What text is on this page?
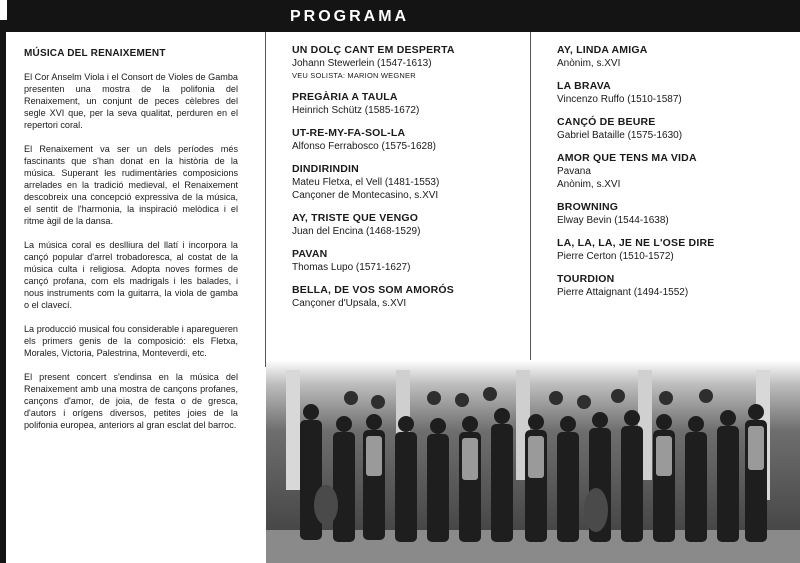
PROGRAMA
MÚSICA DEL RENAIXEMENT

El Cor Anselm Viola i el Consort de Violes de Gamba presenten una mostra de la polifonia del Renaixement, un conjunt de peces cèlebres del segle XVI que, per la seva qualitat, perduren en el repertori coral.

El Renaixement va ser un dels períodes més fascinants que s'han donat en la història de la música. Superant les rudimentàries composicions arrelades en la tradició medieval, el Renaixement descobreix una concepció expressiva de la música, el sentit de l'harmonia, la inspiració melòdica i el ritme àgil de la dansa.

La música coral es deslliura del llatí i incorpora la cançó popular d'arrel trobadoresca, al costat de la música culta i religiosa. Adopta noves formes de cançó profana, com els madrigals i les balades, i nous instruments com la guitarra, la viola de gamba o el clavecí.

La producció musical fou considerable i aparegueren els primers genis de la composició: els Fletxa, Morales, Victoria, Palestrina, Monteverdi, etc.

El present concert s'endinsa en la música del Renaixement amb una mostra de cançons profanes, cançons d'amor, de joia, de festa o de gresca, d'autors i orígens diversos, petites joies de la polifonia europea, anteriors al gran esclat del barroc.

UN DOLÇ CANT EM DESPERTA
Johann Stewerlein (1547-1613)
VEU SOLISTA: MARION WEGNER
PREGÀRIA A TAULA
Heinrich Schütz (1585-1672)
UT-RE-MY-FA-SOL-LA
Alfonso Ferrabosco (1575-1628)
DINDIRINDIN
Mateu Fletxa, el Vell (1481-1553)
Cançoner de Montecasino, s.XVI
AY, TRISTE QUE VENGO
Juan del Encina (1468-1529)
PAVAN
Thomas Lupo (1571-1627)
BELLA, DE VOS SOM AMORÓS
Cançoner d'Upsala, s.XVI
AY, LINDA AMIGA
Anònim, s.XVI
LA BRAVA
Vincenzo Ruffo (1510-1587)
CANÇÓ DE BEURE
Gabriel Bataille (1575-1630)
AMOR QUE TENS MA VIDA
Pavana
Anònim, s.XVI
BROWNING
Elway Bevin (1544-1638)
LA, LA, LA, JE NE L'OSE DIRE
Pierre Certon (1510-1572)
TOURDION
Pierre Attaignant (1494-1552)
